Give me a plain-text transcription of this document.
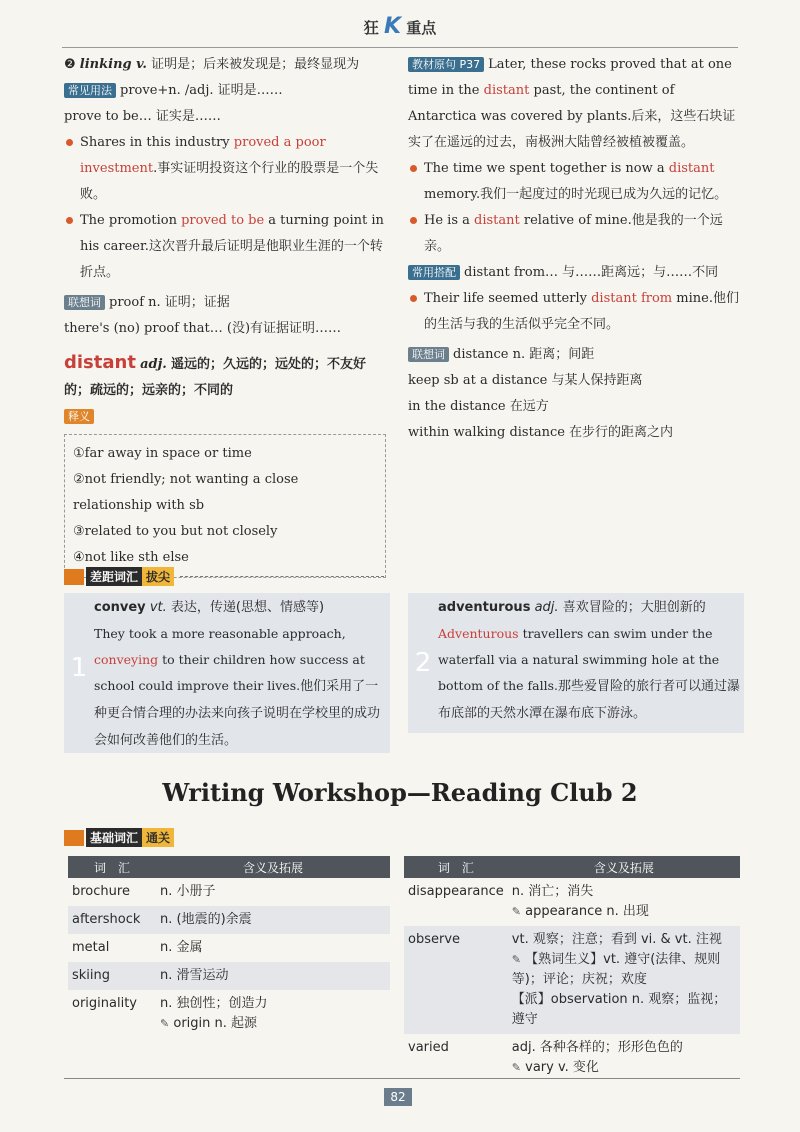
狂 K 重点
❷ linking v. 证明是；后来被发现是；最终显现为
常见用法 prove+n. /adj. 证明是……
prove to be… 证实是……
Shares in this industry proved a poor investment.事实证明投资这个行业的股票是一个失败。
The promotion proved to be a turning point in his career.这次晋升最后证明是他职业生涯的一个转折点。
联想词 proof n. 证明；证据
there's (no) proof that… (没)有证据证明……
distant adj. 遥远的；久远的；远处的；不友好的；疏远的；远亲的；不同的
释义
①far away in space or time
②not friendly; not wanting a close relationship with sb
③related to you but not closely
④not like sth else
教材原句 P37 Later, these rocks proved that at one time in the distant past, the continent of Antarctica was covered by plants.后来，这些石块证实了在遥远的过去，南极洲大陆曾经被植被覆盖。
The time we spent together is now a distant memory.我们一起度过的时光现已成为久远的记忆。
He is a distant relative of mine.他是我的一个远亲。
常用搭配 distant from… 与……距离远；与……不同
Their life seemed utterly distant from mine.他们的生活与我的生活似乎完全不同。
联想词 distance n. 距离；间距
keep sb at a distance 与某人保持距离
in the distance 在远方
within walking distance 在步行的距离之内
差距词汇 拔尖
1
convey vt. 表达，传递(思想、情感等)
They took a more reasonable approach, conveying to their children how success at school could improve their lives.他们采用了一种更合情合理的办法来向孩子说明在学校里的成功会如何改善他们的生活。
2
adventurous adj. 喜欢冒险的；大胆创新的
Adventurous travellers can swim under the waterfall via a natural swimming hole at the bottom of the falls.那些爱冒险的旅行者可以通过瀑布底部的天然水潭在瀑布底下游泳。
Writing Workshop—Reading Club 2
基础词汇 通关
词　汇	含义及拓展
brochure	n. 小册子
aftershock	n. (地震的)余震
metal	n. 金属
skiing	n. 滑雪运动
originality	n. 独创性；创造力
✎ origin n. 起源
词　汇	含义及拓展
disappearance	n. 消亡；消失
✎ appearance n. 出现

observe	vt. 观察；注意；看到 vi. & vt. 注视
✎ 【熟词生义】vt. 遵守(法律、规则等)；评论；庆祝；欢度
【派】observation n. 观察；监视；遵守

varied	adj. 各种各样的；形形色色的
✎ vary v. 变化
82
